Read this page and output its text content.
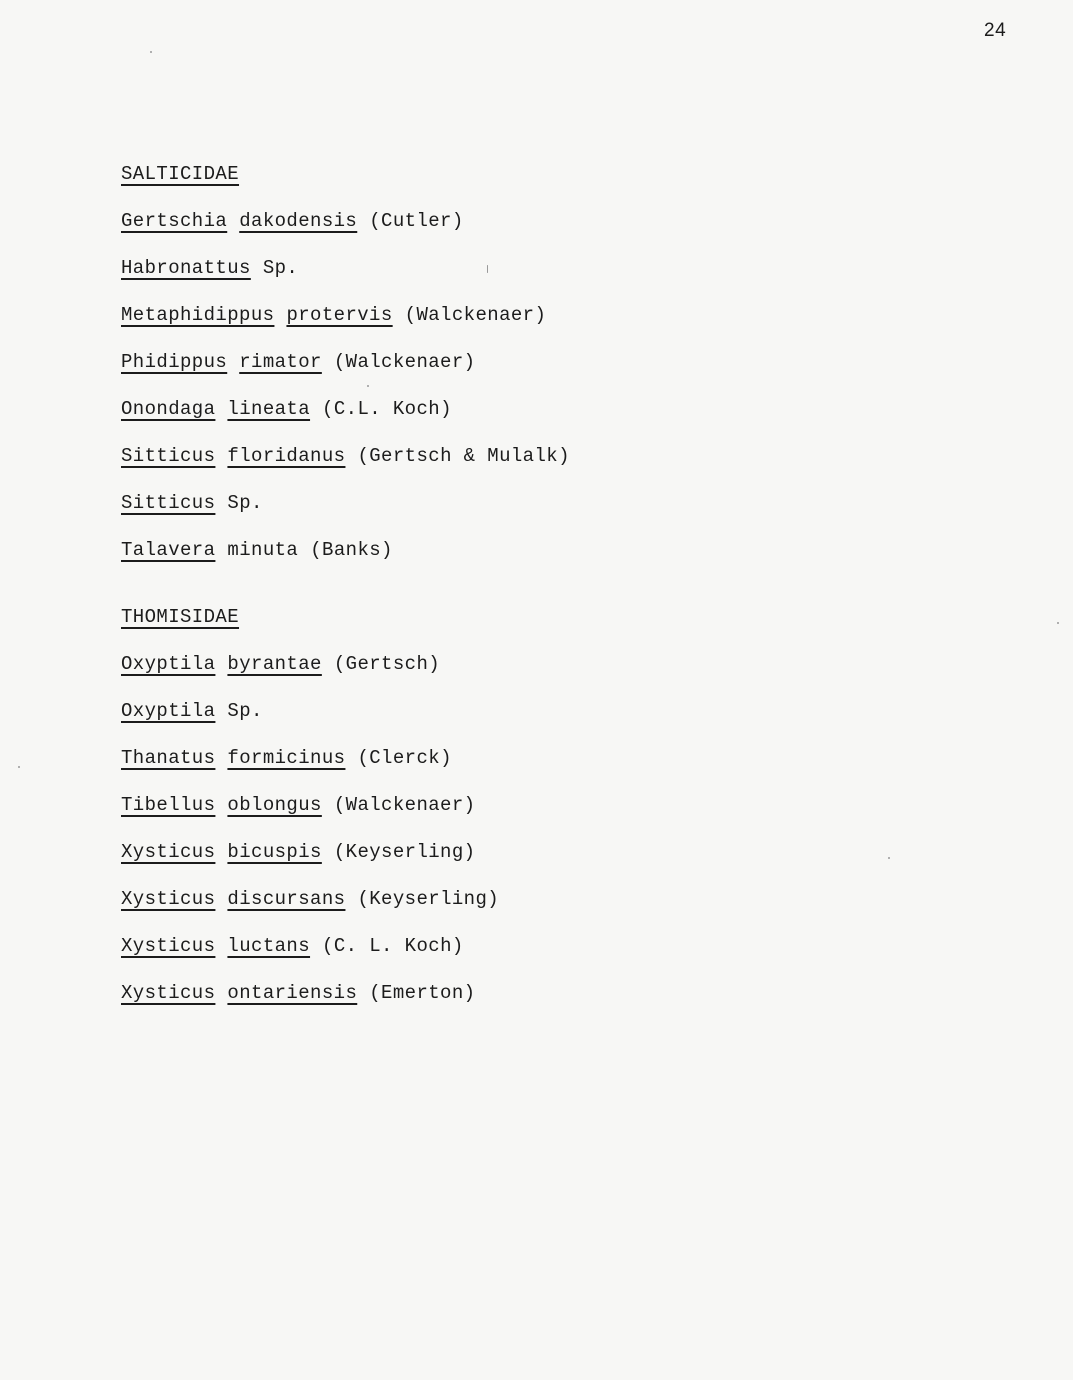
24
SALTICIDAE
Gertschia dakodensis (Cutler)
Habronattus Sp.
Metaphidippus protervis (Walckenaer)
Phidippus rimator (Walckenaer)
Onondaga lineata (C.L. Koch)
Sitticus floridanus (Gertsch & Mulalk)
Sitticus Sp.
Talavera minuta (Banks)
THOMISIDAE
Oxyptila byrantae (Gertsch)
Oxyptila Sp.
Thanatus formicinus (Clerck)
Tibellus oblongus (Walckenaer)
Xysticus bicuspis (Keyserling)
Xysticus discursans (Keyserling)
Xysticus luctans (C. L. Koch)
Xysticus ontariensis (Emerton)
